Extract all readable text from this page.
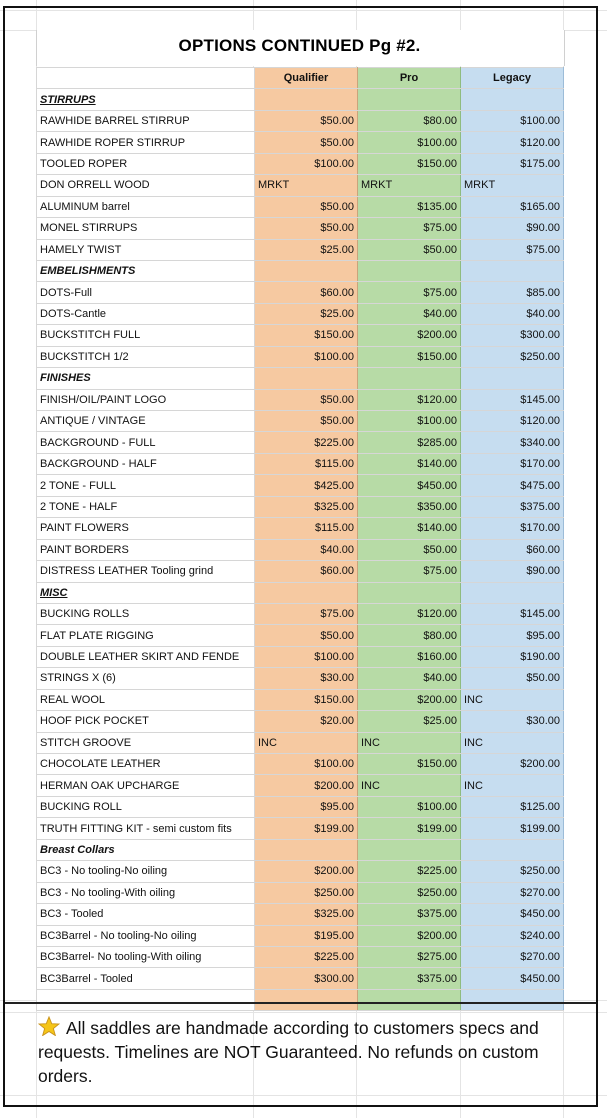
OPTIONS CONTINUED Pg #2.
	Qualifier	Pro	Legacy
STIRRUPS			
RAWHIDE BARREL STIRRUP	$50.00	$80.00	$100.00
RAWHIDE ROPER STIRRUP	$50.00	$100.00	$120.00
TOOLED ROPER	$100.00	$150.00	$175.00
DON ORRELL WOOD	MRKT	MRKT	MRKT
ALUMINUM barrel	$50.00	$135.00	$165.00
MONEL STIRRUPS	$50.00	$75.00	$90.00
HAMELY TWIST	$25.00	$50.00	$75.00
EMBELISHMENTS			
DOTS-Full	$60.00	$75.00	$85.00
DOTS-Cantle	$25.00	$40.00	$40.00
BUCKSTITCH FULL	$150.00	$200.00	$300.00
BUCKSTITCH 1/2	$100.00	$150.00	$250.00
FINISHES			
FINISH/OIL/PAINT LOGO	$50.00	$120.00	$145.00
ANTIQUE / VINTAGE	$50.00	$100.00	$120.00
BACKGROUND - FULL	$225.00	$285.00	$340.00
BACKGROUND - HALF	$115.00	$140.00	$170.00
2 TONE - FULL	$425.00	$450.00	$475.00
2 TONE - HALF	$325.00	$350.00	$375.00
PAINT FLOWERS	$115.00	$140.00	$170.00
PAINT BORDERS	$40.00	$50.00	$60.00
DISTRESS LEATHER Tooling grind	$60.00	$75.00	$90.00
MISC			
BUCKING ROLLS	$75.00	$120.00	$145.00
FLAT PLATE RIGGING	$50.00	$80.00	$95.00
DOUBLE LEATHER SKIRT AND FENDE	$100.00	$160.00	$190.00
STRINGS X (6)	$30.00	$40.00	$50.00
REAL WOOL	$150.00	$200.00	INC
HOOF PICK POCKET	$20.00	$25.00	$30.00
STITCH GROOVE	INC	INC	INC
CHOCOLATE LEATHER	$100.00	$150.00	$200.00
HERMAN OAK UPCHARGE	$200.00	INC	INC
BUCKING ROLL	$95.00	$100.00	$125.00
TRUTH FITTING KIT - semi custom fits	$199.00	$199.00	$199.00
Breast Collars			
BC3 - No tooling-No oiling	$200.00	$225.00	$250.00
BC3 - No tooling-With oiling	$250.00	$250.00	$270.00
BC3 - Tooled	$325.00	$375.00	$450.00
BC3Barrel - No tooling-No oiling	$195.00	$200.00	$240.00
BC3Barrel- No tooling-With oiling	$225.00	$275.00	$270.00
BC3Barrel - Tooled	$300.00	$375.00	$450.00

All saddles are handmade according to customers specs and requests. Timelines are NOT Guaranteed. No refunds on custom orders.
